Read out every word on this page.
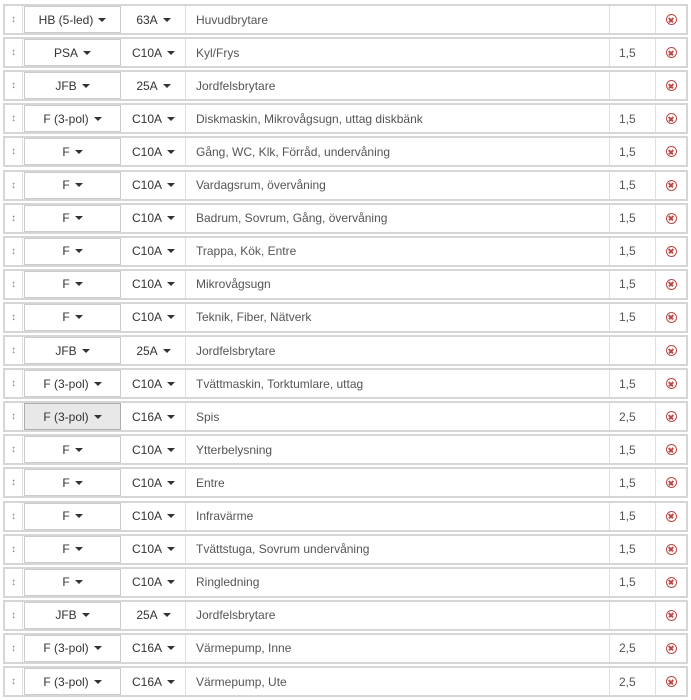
↕	HB (5-led)	63A	Huvudbrytare
↕	PSA	C10A	Kyl/Frys	1,5
↕	JFB	25A	Jordfelsbrytare
↕	F (3-pol)	C10A	Diskmaskin, Mikrovågsugn, uttag diskbänk	1,5
↕	F	C10A	Gång, WC, Klk, Förråd, undervåning	1,5
↕	F	C10A	Vardagsrum, övervåning	1,5
↕	F	C10A	Badrum, Sovrum, Gång, övervåning	1,5
↕	F	C10A	Trappa, Kök, Entre	1,5
↕	F	C10A	Mikrovågsugn	1,5
↕	F	C10A	Teknik, Fiber, Nätverk	1,5
↕	JFB	25A	Jordfelsbrytare
↕	F (3-pol)	C10A	Tvättmaskin, Torktumlare, uttag	1,5
↕	F (3-pol)	C16A	Spis	2,5
↕	F	C10A	Ytterbelysning	1,5
↕	F	C10A	Entre	1,5
↕	F	C10A	Infravärme	1,5
↕	F	C10A	Tvättstuga, Sovrum undervåning	1,5
↕	F	C10A	Ringledning	1,5
↕	JFB	25A	Jordfelsbrytare
↕	F (3-pol)	C16A	Värmepump, Inne	2,5
↕	F (3-pol)	C16A	Värmepump, Ute	2,5
